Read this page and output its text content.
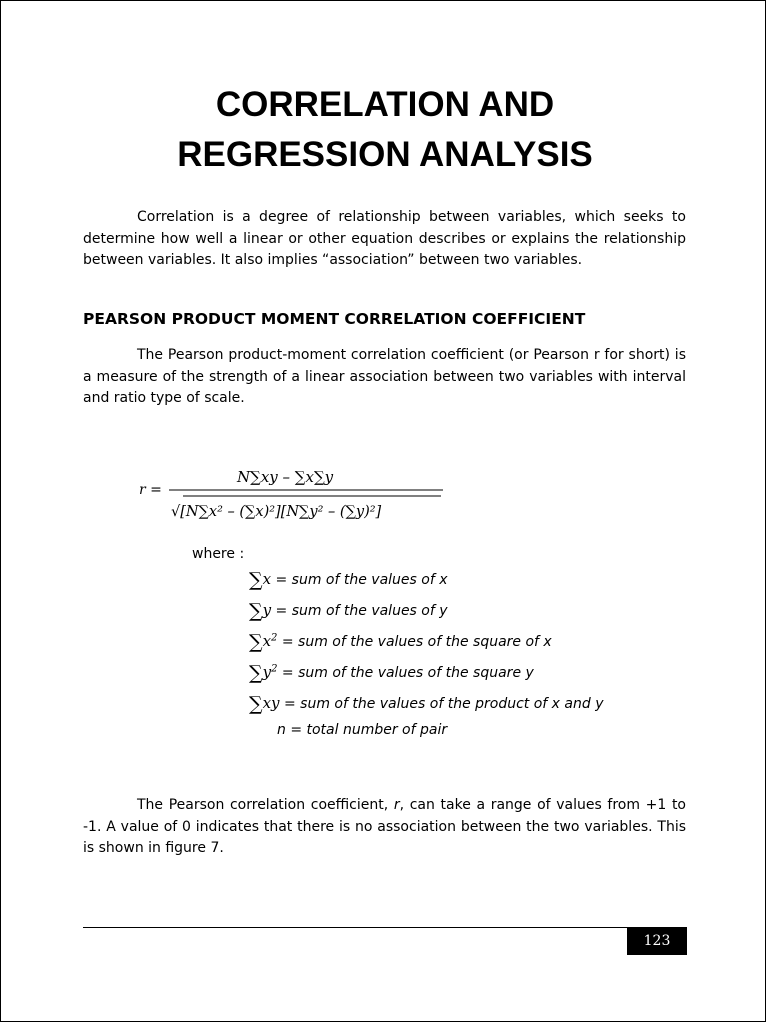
CORRELATION AND
REGRESSION ANALYSIS
Correlation is a degree of relationship between variables, which seeks to determine how well a linear or other equation describes or explains the relationship between variables. It also implies “association” between two variables.
PEARSON PRODUCT MOMENT CORRELATION COEFFICIENT
The Pearson product-moment correlation coefficient (or Pearson r for short) is a measure of the strength of a linear association between two variables with interval and ratio type of scale.
r =
N∑xy – ∑x∑y
√[N∑x² – (∑x)²][N∑y² – (∑y)²]
where :
∑x = sum of the values of x
∑y = sum of the values of y
$\sum x^2$ = sum of the values of the square of x
$\sum y^2$ = sum of the values of the square y
∑xy = sum of the values of the product of x and y
n = total number of pair
The Pearson correlation coefficient, r, can take a range of values from +1 to -1. A value of 0 indicates that there is no association between the two variables. This is shown in figure 7.
123
